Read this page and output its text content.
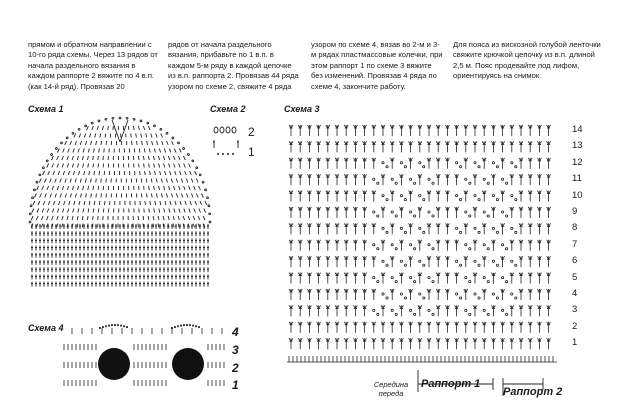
прямом и обратном направлении с 10-го ряда схемы. Через 13 рядов от начала раздельного вязания в каждом раппорте 2 вяжите по 4 в.п. (как 14-й ряд). Провязав 20
рядов от начала раздельного вязания, прибавьте по 1 в.п. в каждом 5-м ряду в каждой цепочке из в.п. раппорта 2. Провязав 44 ряда узором по схеме 2, свяжите 4 ряда
узором по схеме 4, вязав во 2-м и 3-м рядах пластмассовые колечки, при этом раппорт 1 по схеме 3 вяжите без изменений. Провязав 4 ряда по схеме 4, закончите работу.
Для пояса из вискозной голубой ленточки свяжите крючкой цепочку из в.п. длиной 2,5 м. Пояс продевайте под лифом, ориентируясь на снимок.
Схема 1	Схема 2	Схема 3
Схема 4
2
1
14
13
12
11
10
9
8
7
6
5
4
3
2
1
4
3
2
1	Середина
переда
Раппорт 1
Раппорт 2
